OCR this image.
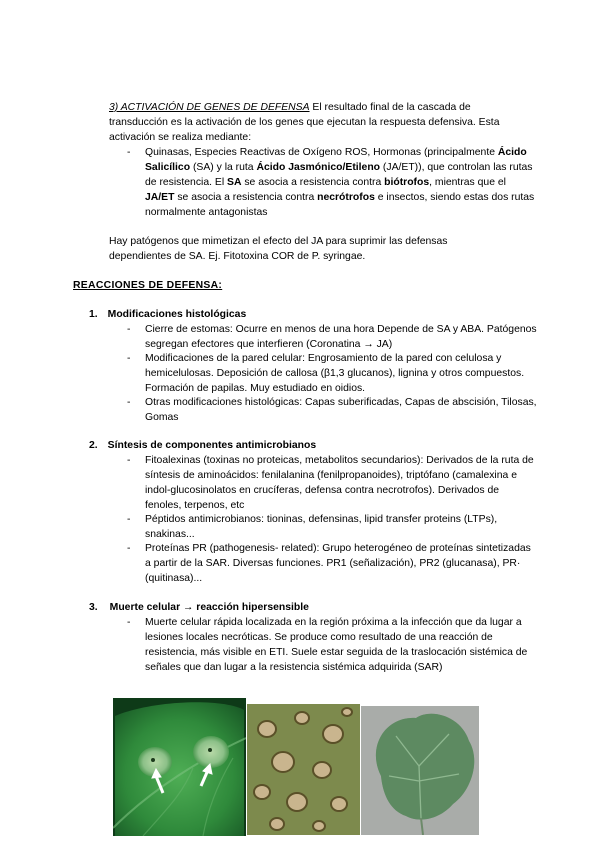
3) ACTIVACIÓN DE GENES DE DEFENSA El resultado final de la cascada de transducción es la activación de los genes que ejecutan la respuesta defensiva. Esta activación se realiza mediante:
- Quinasas, Especies Reactivas de Oxígeno ROS, Hormonas (principalmente Ácido Salicílico (SA) y la ruta Ácido Jasmónico/Etileno (JA/ET)), que controlan las rutas de resistencia. El SA se asocia a resistencia contra biótrofos, mientras que el JA/ET se asocia a resistencia contra necrótrofos e insectos, siendo estas dos rutas normalmente antagonistas
Hay patógenos que mimetizan el efecto del JA para suprimir las defensas dependientes de SA. Ej. Fitotoxina COR de P. syringae.
REACCIONES DE DEFENSA:
1. Modificaciones histológicas
- Cierre de estomas: Ocurre en menos de una hora Depende de SA y ABA. Patógenos segregan efectores que interfieren (Coronatina → JA)
- Modificaciones de la pared celular: Engrosamiento de la pared con celulosa y hemicelulosas. Deposición de callosa (β1,3 glucanos), lignina y otros compuestos. Formación de papilas. Muy estudiado en oidios.
- Otras modificaciones histológicas: Capas suberificadas, Capas de abscisión, Tilosas, Gomas
2. Síntesis de componentes antimicrobianos
- Fitoalexinas (toxinas no proteicas, metabolitos secundarios): Derivados de la ruta de síntesis de aminoácidos: fenilalanina (fenilpropanoides), triptófano (camalexina e indol-glucosinolatos en crucíferas, defensa contra necrotrofos). Derivados de fenoles, terpenos, etc
- Péptidos antimicrobianos: tioninas, defensinas, lipid transfer proteins (LTPs), snakinas...
- Proteínas PR (pathogenesis- related): Grupo heterogéneo de proteínas sintetizadas a partir de la SAR. Diversas funciones. PR1 (señalización), PR2 (glucanasa), PR· (quitinasa)...
3. Muerte celular → reacción hipersensible
- Muerte celular rápida localizada en la región próxima a la infección que da lugar a lesiones locales necróticas. Se produce como resultado de una reacción de resistencia, más visible en ETI. Suele estar seguida de la traslocación sistémica de señales que dan lugar a la resistencia sistémica adquirida (SAR)
